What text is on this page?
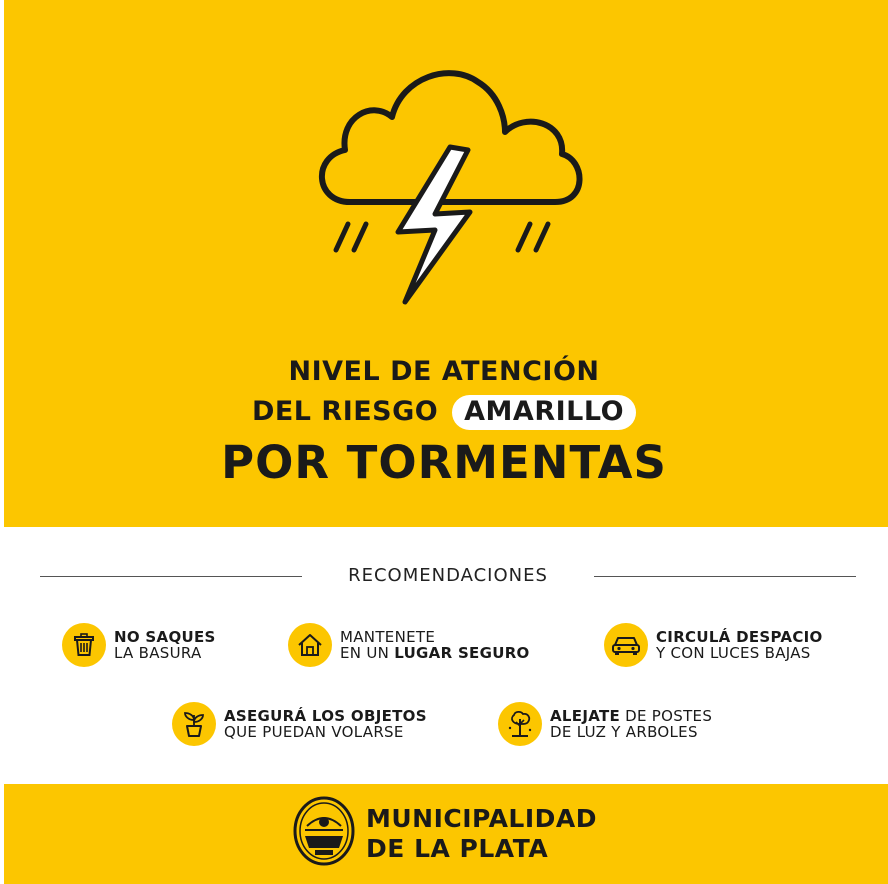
NIVEL DE ATENCIÓN
DEL RIESGO AMARILLO
POR TORMENTAS
RECOMENDACIONES
NO SAQUES
LA BASURA
MANTENETE
EN UN LUGAR SEGURO
CIRCULÁ DESPACIO
Y CON LUCES BAJAS
ASEGURÁ LOS OBJETOS
QUE PUEDAN VOLARSE
ALEJATE DE POSTES
DE LUZ Y ARBOLES
MUNICIPALIDAD
DE LA PLATA
